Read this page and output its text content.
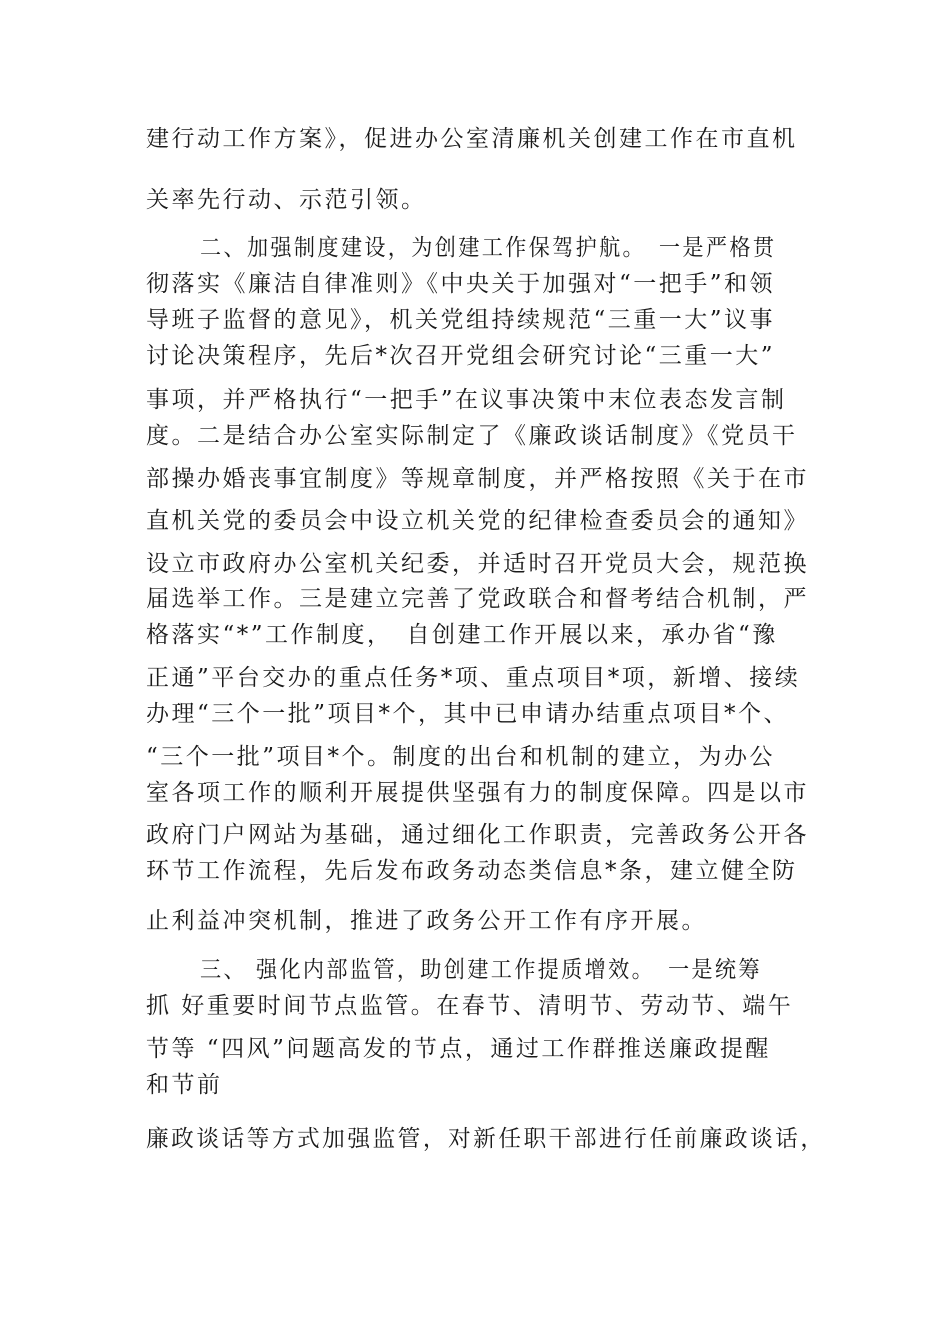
建行动工作方案》，促进办公室清廉机关创建工作在市直机
关率先行动、示范引领。
二、加强制度建设，为创建工作保驾护航。　一是严格贯
彻落实《廉洁自律准则》《中央关于加强对“一把手”和领
导班子监督的意见》，机关党组持续规范“三重一大”议事
讨论决策程序，先后*次召开党组会研究讨论“三重一大”
事项，并严格执行“一把手”在议事决策中末位表态发言制
度。二是结合办公室实际制定了《廉政谈话制度》《党员干
部操办婚丧事宜制度》等规章制度，并严格按照《关于在市
直机关党的委员会中设立机关党的纪律检查委员会的通知》
设立市政府办公室机关纪委，并适时召开党员大会，规范换
届选举工作。三是建立完善了党政联合和督考结合机制，严
格落实“*”工作制度，　自创建工作开展以来，承办省“豫
正通”平台交办的重点任务*项、重点项目*项，新增、接续
办理“三个一批”项目*个，其中已申请办结重点项目*个、
“三个一批”项目*个。制度的出台和机制的建立，为办公
室各项工作的顺利开展提供坚强有力的制度保障。四是以市
政府门户网站为基础，通过细化工作职责，完善政务公开各
环节工作流程，先后发布政务动态类信息*条，建立健全防
止利益冲突机制，推进了政务公开工作有序开展。
三、 强化内部监管，助创建工作提质增效。　一是统筹
抓 好重要时间节点监管。在春节、清明节、劳动节、端午
节等 “四风”问题高发的节点，通过工作群推送廉政提醒
和节前
廉政谈话等方式加强监管，对新任职干部进行任前廉政谈话，
